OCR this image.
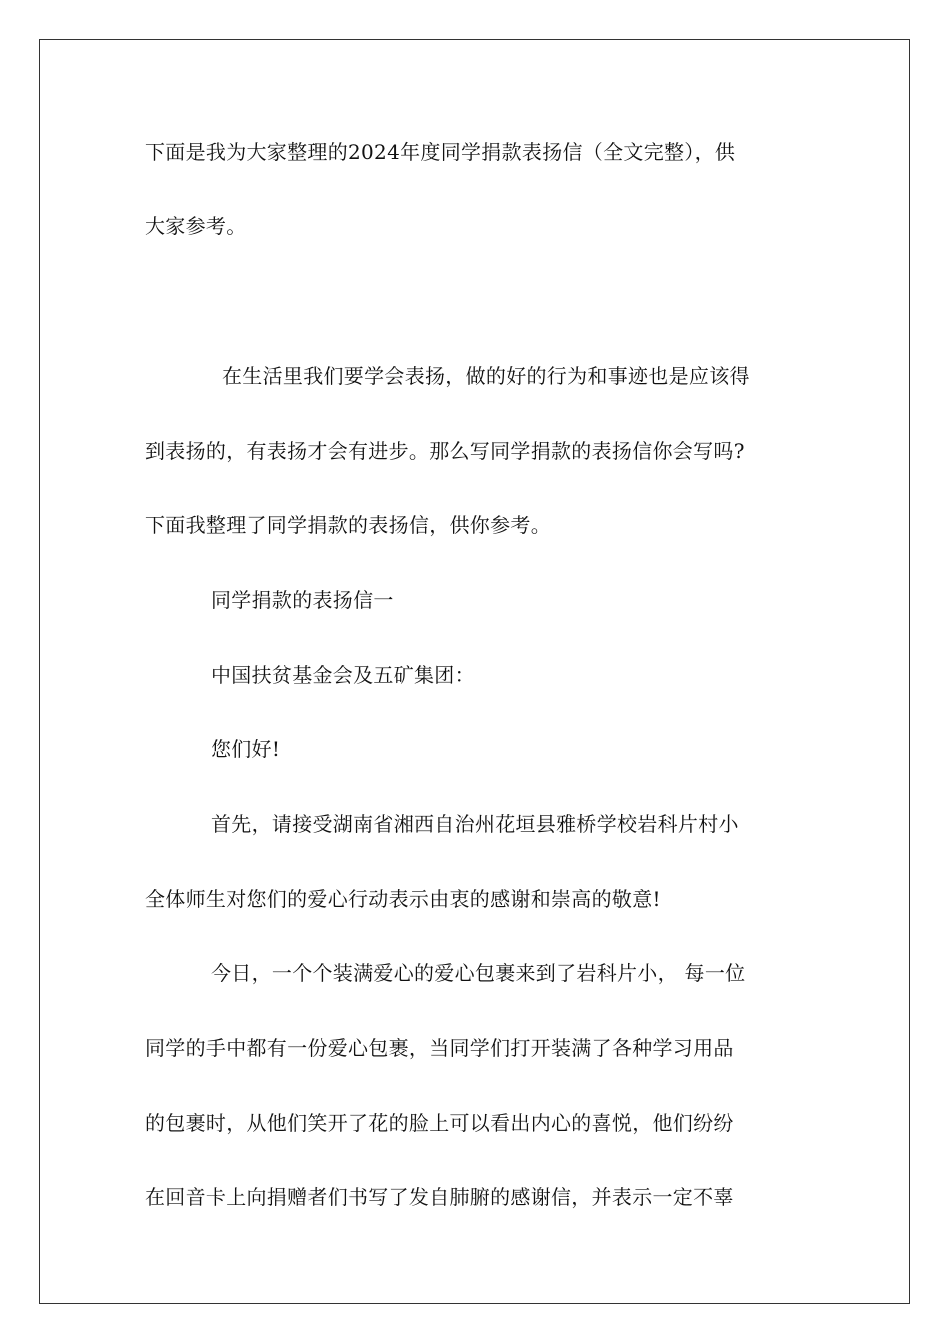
下面是我为大家整理的2024年度同学捐款表扬信（全文完整），供
大家参考。
在生活里我们要学会表扬，做的好的行为和事迹也是应该得
到表扬的，有表扬才会有进步。那么写同学捐款的表扬信你会写吗?
下面我整理了同学捐款的表扬信，供你参考。
同学捐款的表扬信一
中国扶贫基金会及五矿集团：
您们好!
首先，请接受湖南省湘西自治州花垣县雅桥学校岩科片村小
全体师生对您们的爱心行动表示由衷的感谢和崇高的敬意!
今日，一个个装满爱心的爱心包裹来到了岩科片小， 每一位
同学的手中都有一份爱心包裹，当同学们打开装满了各种学习用品
的包裹时，从他们笑开了花的脸上可以看出内心的喜悦，他们纷纷
在回音卡上向捐赠者们书写了发自肺腑的感谢信，并表示一定不辜
